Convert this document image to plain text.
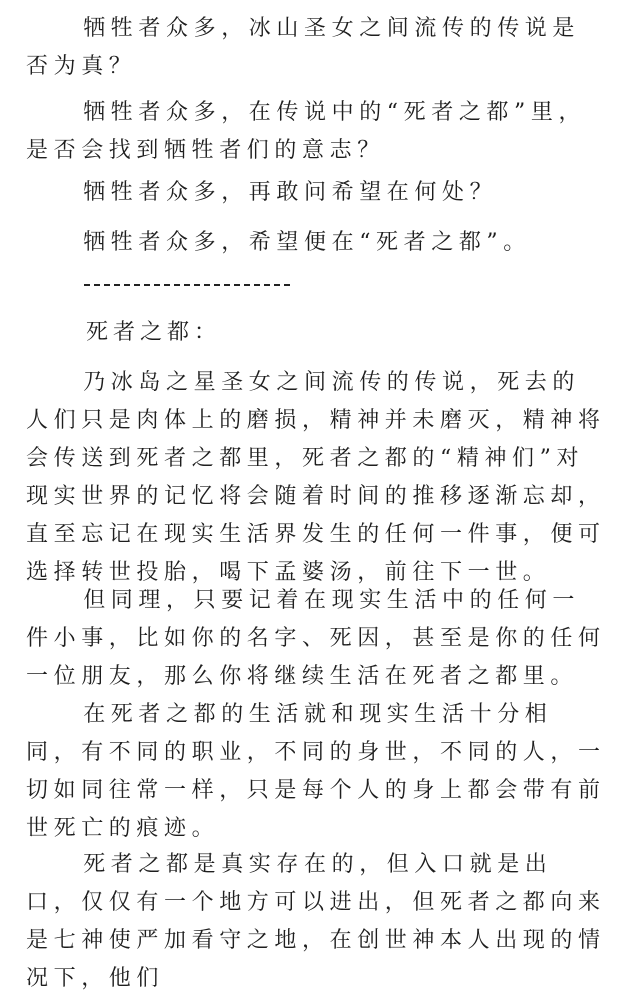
牺牲者众多，冰山圣女之间流传的传说是否为真？

牺牲者众多，在传说中的“死者之都”里，是否会找到牺牲者们的意志？

牺牲者众多，再敢问希望在何处？

牺牲者众多，希望便在“死者之都”。

死者之都：

乃冰岛之星圣女之间流传的传说，死去的人们只是肉体上的磨损，精神并未磨灭，精神将会传送到死者之都里，死者之都的“精神们”对现实世界的记忆将会随着时间的推移逐渐忘却，直至忘记在现实生活界发生的任何一件事，便可选择转世投胎，喝下孟婆汤，前往下一世。

但同理，只要记着在现实生活中的任何一件小事，比如你的名字、死因，甚至是你的任何一位朋友，那么你将继续生活在死者之都里。

在死者之都的生活就和现实生活十分相同，有不同的职业，不同的身世，不同的人，一切如同往常一样，只是每个人的身上都会带有前世死亡的痕迹。

死者之都是真实存在的，但入口就是出口，仅仅有一个地方可以进出，但死者之都向来是七神使严加看守之地，在创世神本人出现的情况下，他们
